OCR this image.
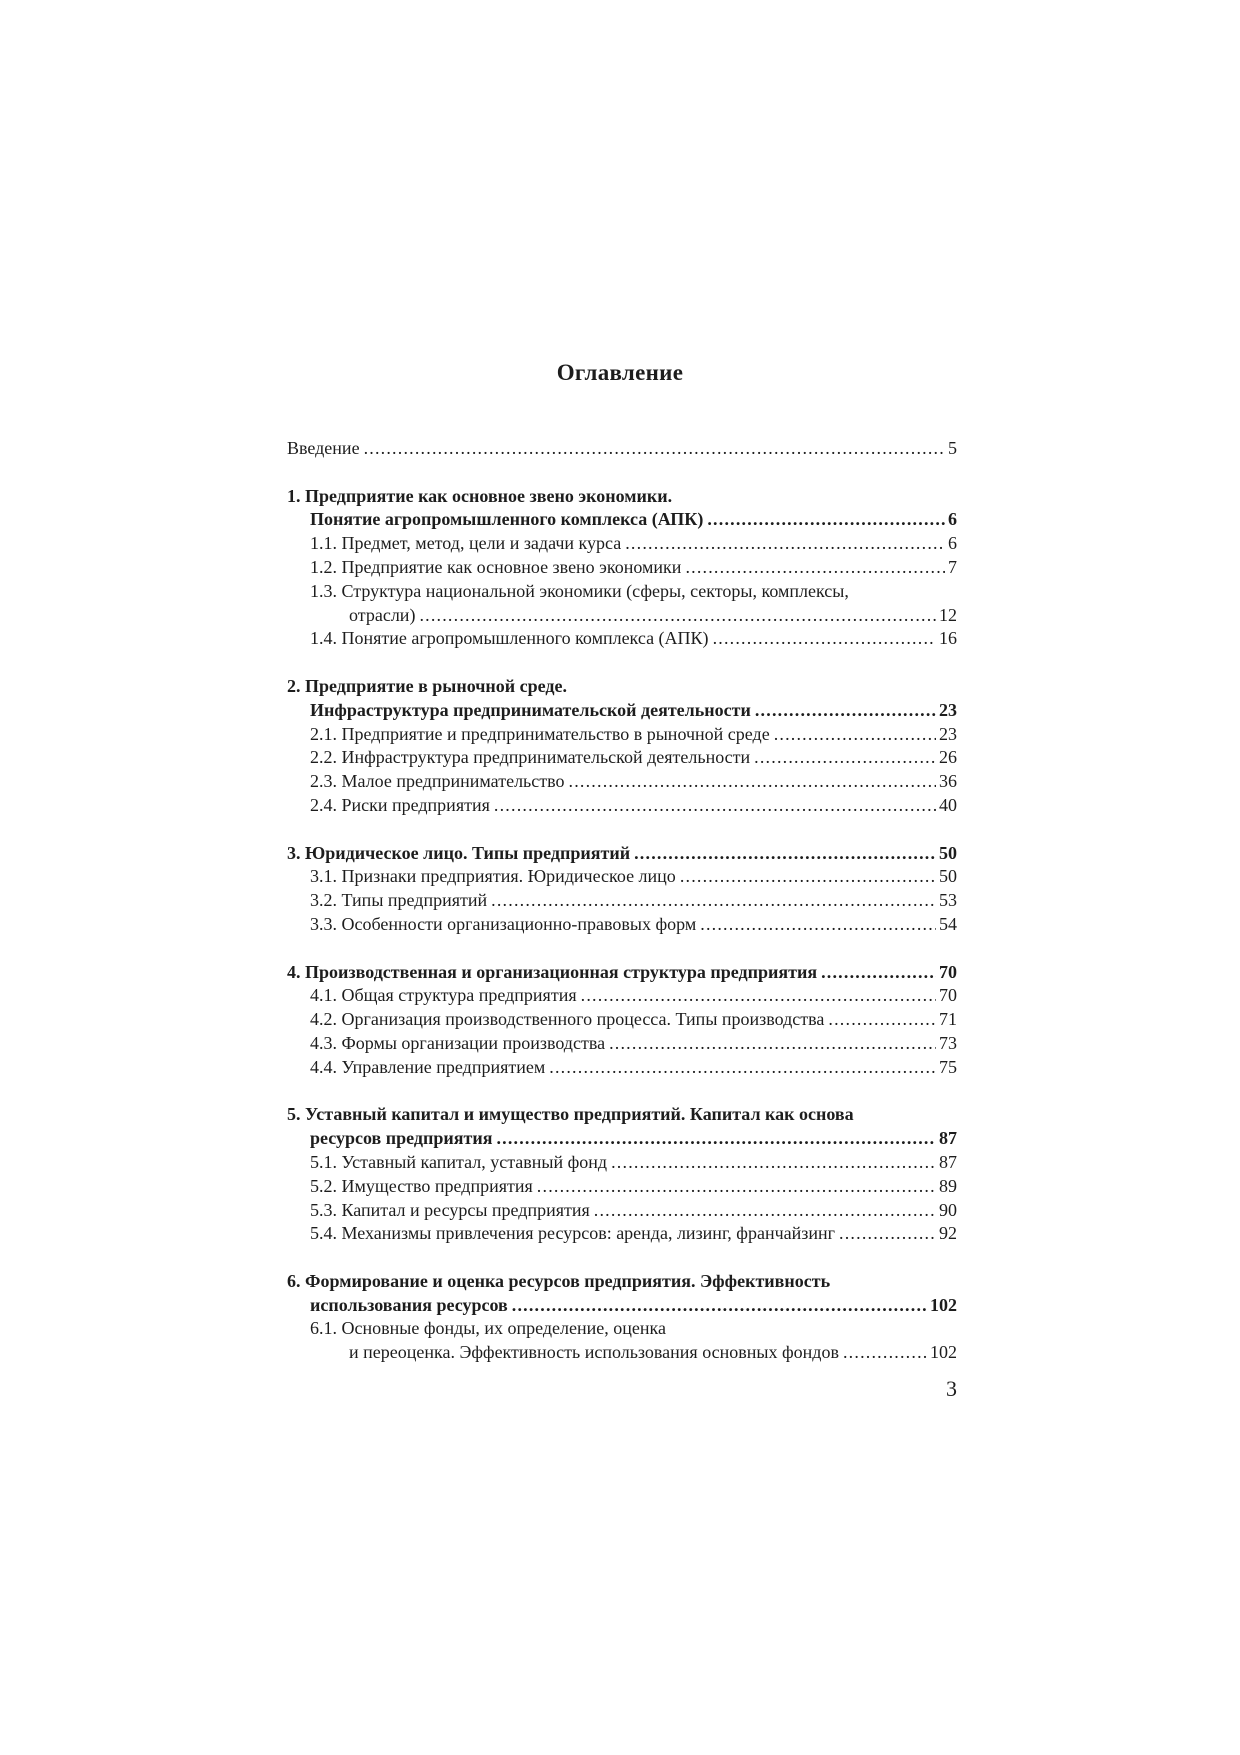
Оглавление
Введение .....	5
1. Предприятие как основное звено экономики.
Понятие агропромышленного комплекса (АПК) .....	6
1.1. Предмет, метод, цели и задачи курса .....	6
1.2. Предприятие как основное звено экономики .....	7
1.3. Структура национальной экономики (сферы, секторы, комплексы,
отрасли) .....	12
1.4. Понятие агропромышленного комплекса (АПК) .....	16
2. Предприятие в рыночной среде.
Инфраструктура предпринимательской деятельности .....	23
2.1. Предприятие и предпринимательство в рыночной среде .....	23
2.2. Инфраструктура предпринимательской деятельности .....	26
2.3. Малое предпринимательство .....	36
2.4. Риски предприятия .....	40
3. Юридическое лицо. Типы предприятий .....	50
3.1. Признаки предприятия. Юридическое лицо .....	50
3.2. Типы предприятий .....	53
3.3. Особенности организационно-правовых форм .....	54
4. Производственная и организационная структура предприятия .....	70
4.1. Общая структура предприятия .....	70
4.2. Организация производственного процесса. Типы производства .....	71
4.3. Формы организации производства .....	73
4.4. Управление предприятием .....	75
5. Уставный капитал и имущество предприятий. Капитал как основа
ресурсов предприятия .....	87
5.1. Уставный капитал, уставный фонд .....	87
5.2. Имущество предприятия .....	89
5.3. Капитал и ресурсы предприятия .....	90
5.4. Механизмы привлечения ресурсов: аренда, лизинг, франчайзинг .....	92
6. Формирование и оценка ресурсов предприятия. Эффективность
использования ресурсов .....	102
6.1. Основные фонды, их определение, оценка
и переоценка. Эффективность использования основных фондов .....	102
3
